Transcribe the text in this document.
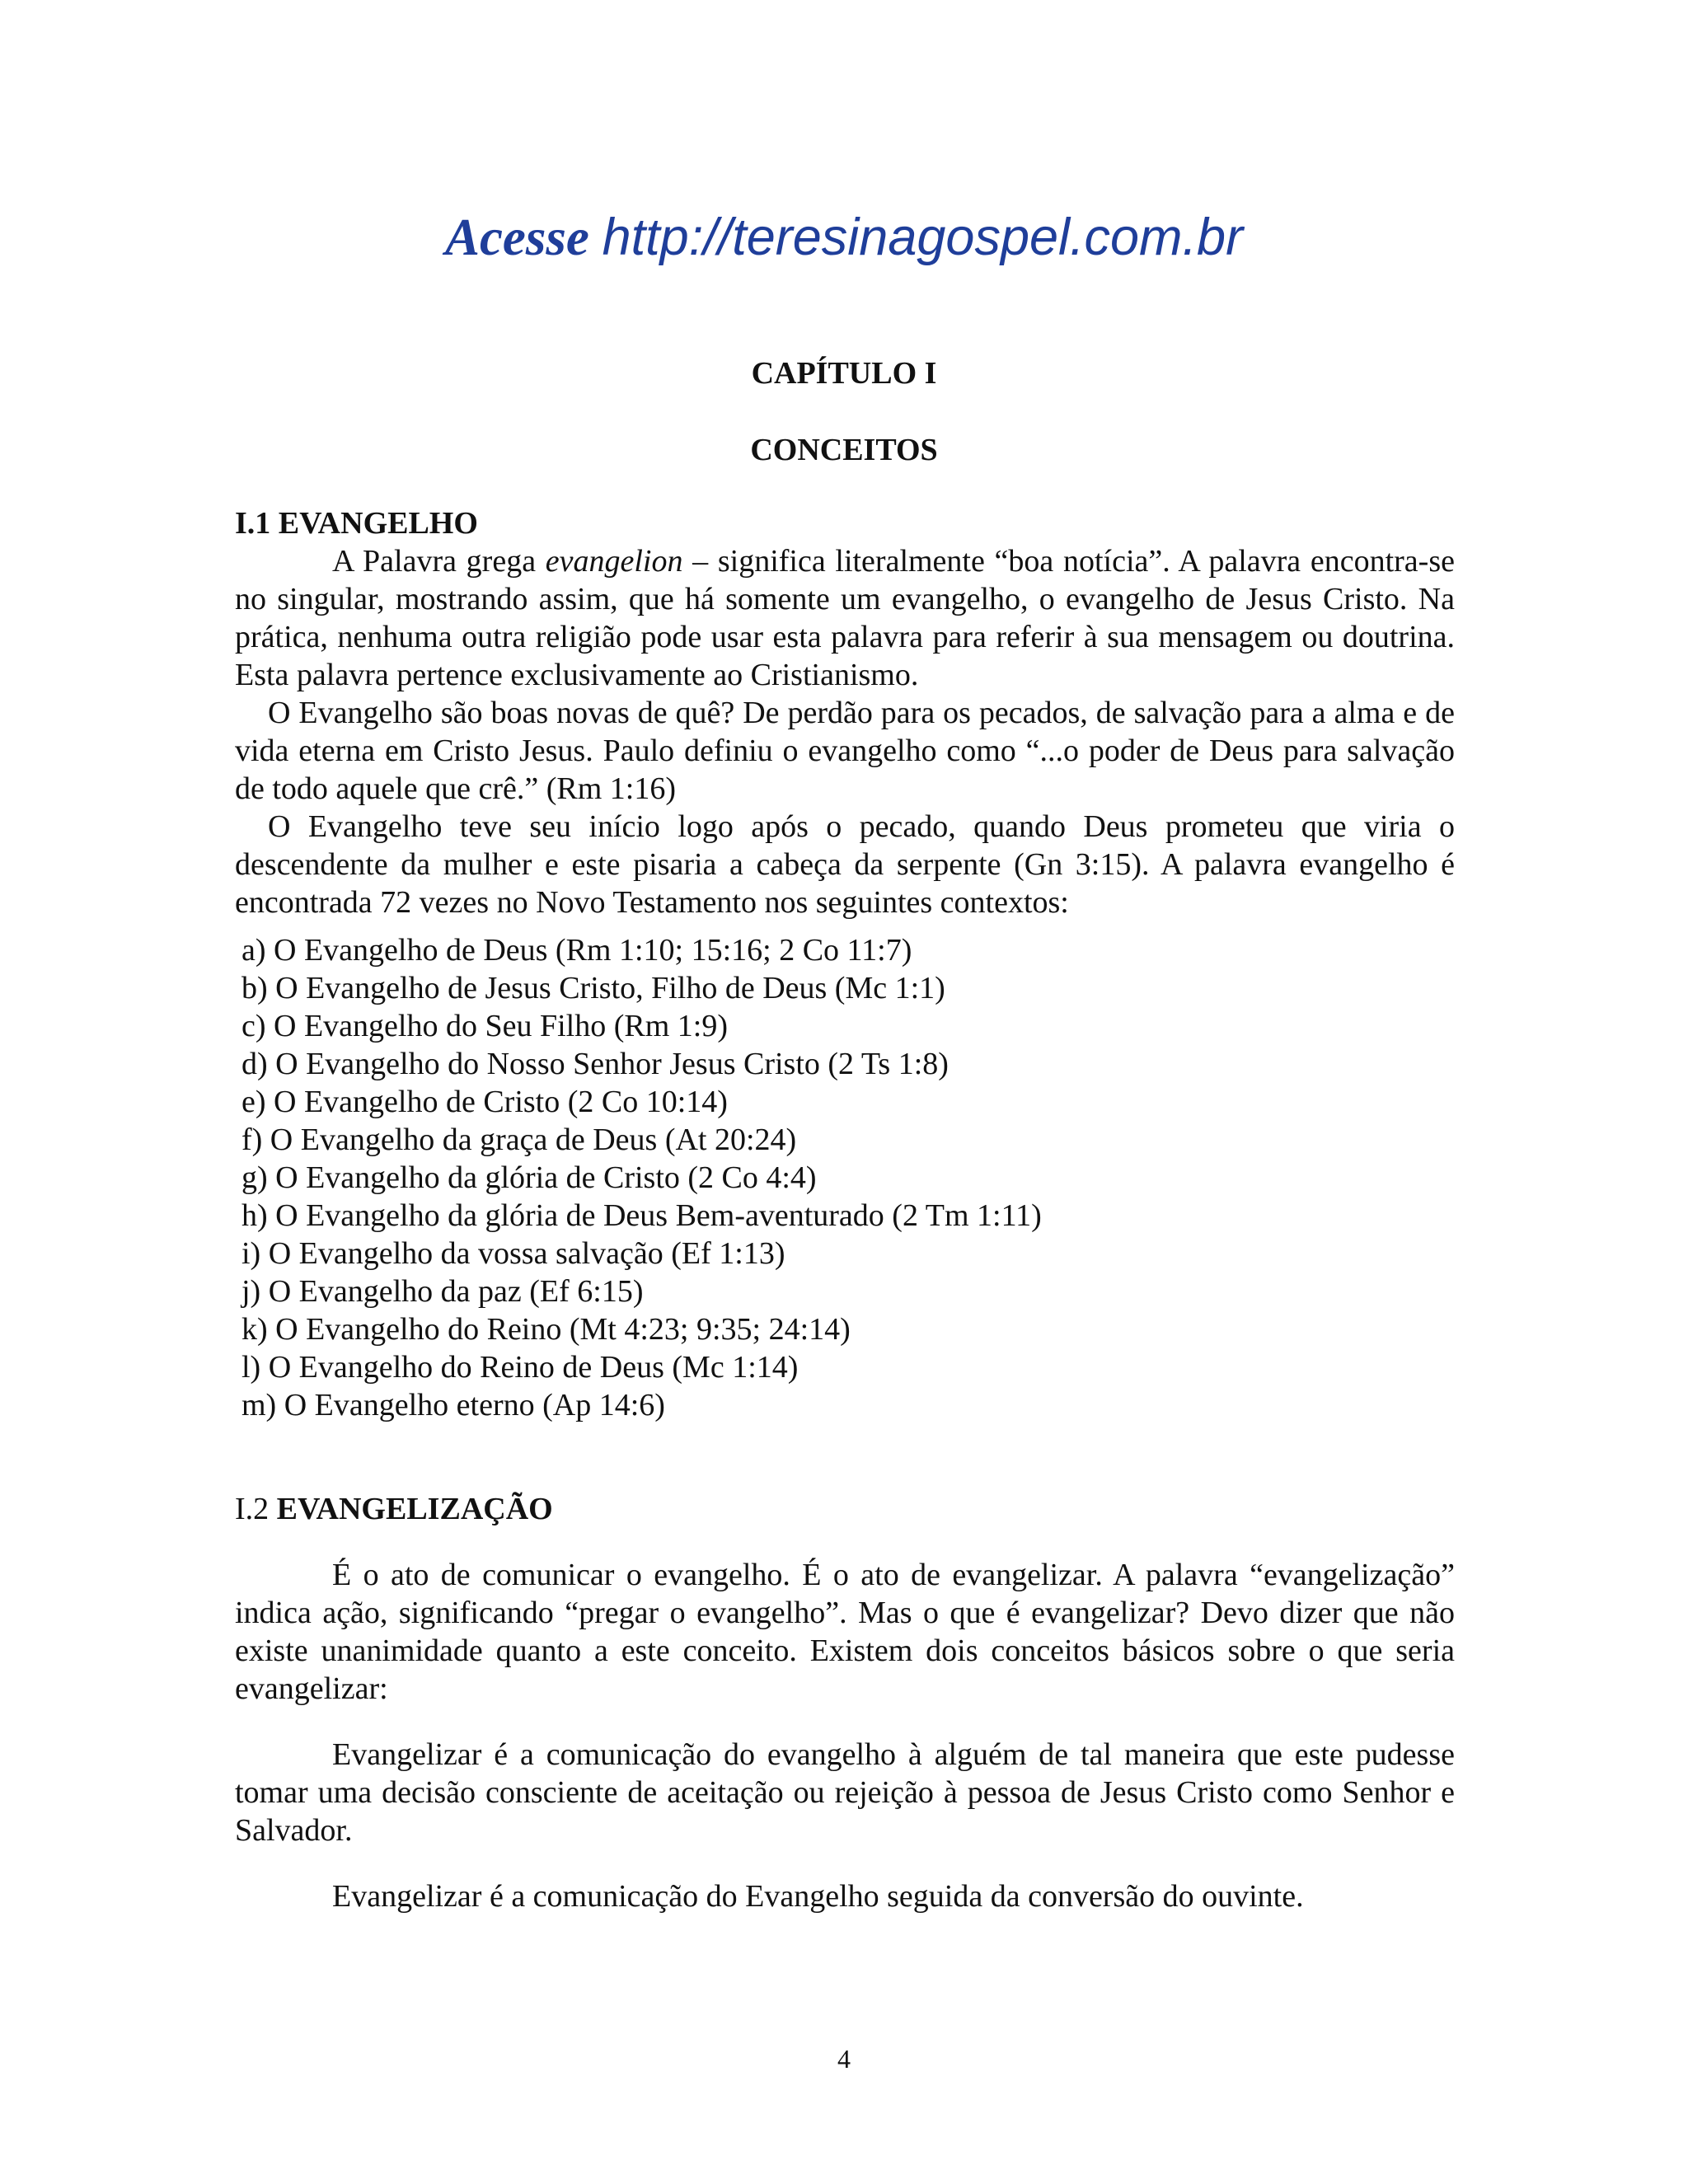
Acesse http://teresinagospel.com.br
CAPÍTULO I
CONCEITOS
I.1 EVANGELHO

A Palavra grega evangelion – significa literalmente “boa notícia”. A palavra encontra-se no singular, mostrando assim, que há somente um evangelho, o evangelho de Jesus Cristo. Na prática, nenhuma outra religião pode usar esta palavra para referir à sua mensagem ou doutrina. Esta palavra pertence exclusivamente ao Cristianismo.

O Evangelho são boas novas de quê? De perdão para os pecados, de salvação para a alma e de vida eterna em Cristo Jesus. Paulo definiu o evangelho como “...o poder de Deus para salvação de todo aquele que crê.” (Rm 1:16)

O Evangelho teve seu início logo após o pecado, quando Deus prometeu que viria o descendente da mulher e este pisaria a cabeça da serpente (Gn 3:15). A palavra evangelho é encontrada 72 vezes no Novo Testamento nos seguintes contextos:

a) O Evangelho de Deus (Rm 1:10; 15:16; 2 Co 11:7)
b) O Evangelho de Jesus Cristo, Filho de Deus (Mc 1:1)
c) O Evangelho do Seu Filho (Rm 1:9)
d) O Evangelho do Nosso Senhor Jesus Cristo (2 Ts 1:8)
e) O Evangelho de Cristo (2 Co 10:14)
f) O Evangelho da graça de Deus (At 20:24)
g) O Evangelho da glória de Cristo (2 Co 4:4)
h) O Evangelho da glória de Deus Bem-aventurado (2 Tm 1:11)
i) O Evangelho da vossa salvação (Ef 1:13)
j) O Evangelho da paz (Ef 6:15)
k) O Evangelho do Reino (Mt 4:23; 9:35; 24:14)
l) O Evangelho do Reino de Deus (Mc 1:14)
m) O Evangelho eterno (Ap 14:6)
I.2 EVANGELIZAÇÃO

É o ato de comunicar o evangelho. É o ato de evangelizar. A palavra “evangelização” indica ação, significando “pregar o evangelho”. Mas o que é evangelizar? Devo dizer que não existe unanimidade quanto a este conceito. Existem dois conceitos básicos sobre o que seria evangelizar:

Evangelizar é a comunicação do evangelho à alguém de tal maneira que este pudesse tomar uma decisão consciente de aceitação ou rejeição à pessoa de Jesus Cristo como Senhor e Salvador.

Evangelizar é a comunicação do Evangelho seguida da conversão do ouvinte.

4
